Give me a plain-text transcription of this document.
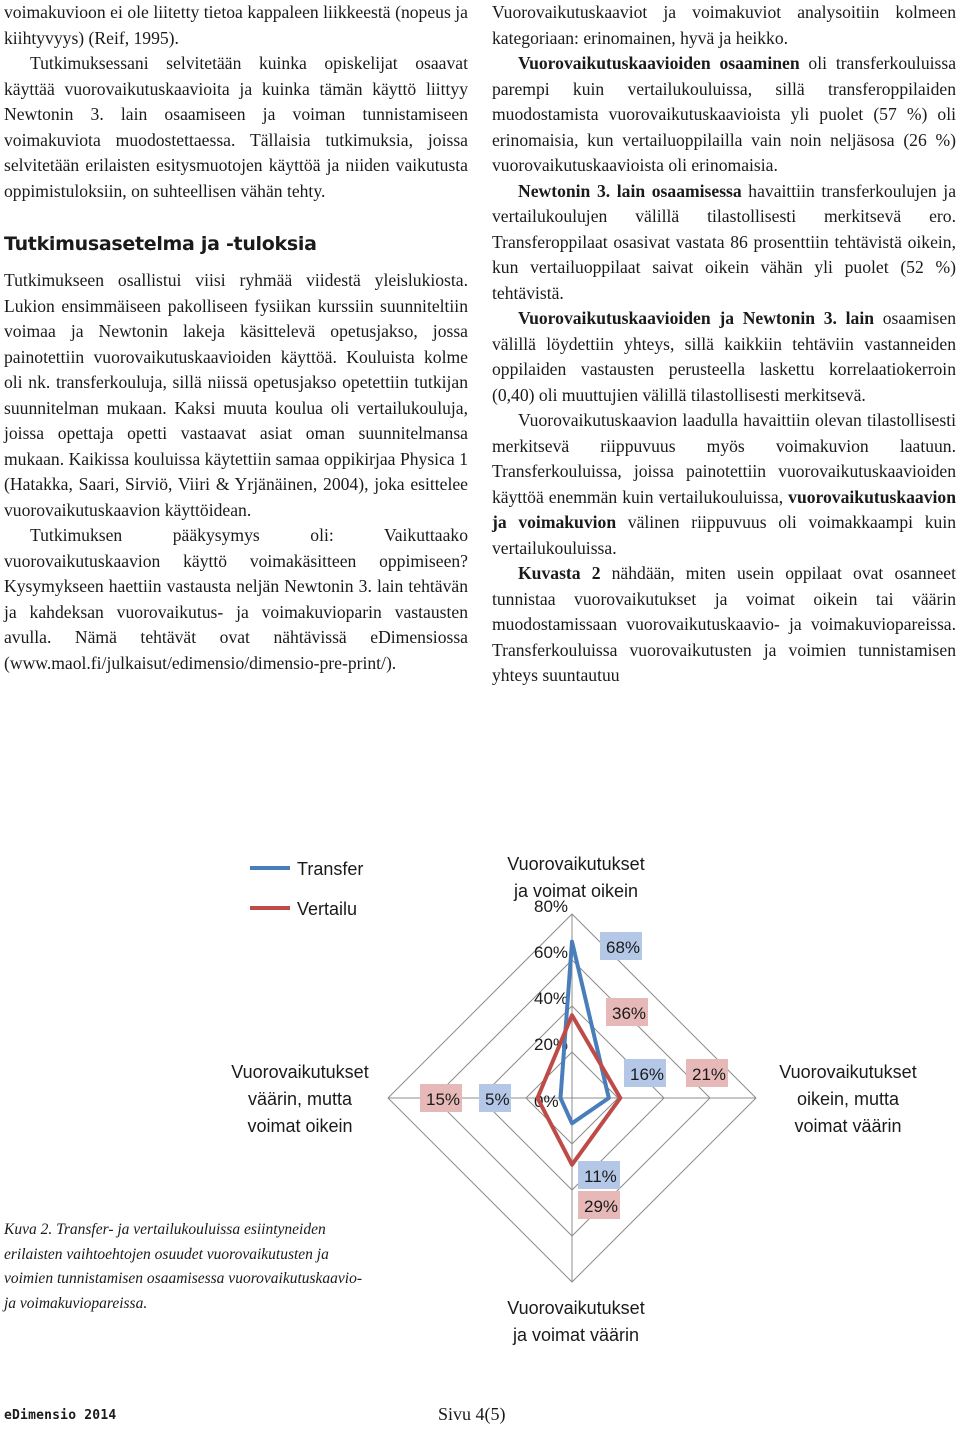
voimakuvioon ei ole liitetty tietoa kappaleen liikkeestä (nopeus ja kiihtyvyys) (Reif, 1995).

Tutkimuksessani selvitetään kuinka opiskelijat osaavat käyttää vuorovaikutuskaavioita ja kuinka tämän käyttö liittyy Newtonin 3. lain osaamiseen ja voiman tunnistamiseen voimakuviota muodostettaessa. Tällaisia tutkimuksia, joissa selvitetään erilaisten esitysmuotojen käyttöä ja niiden vaikutusta oppimistuloksiin, on suhteellisen vähän tehty.

Tutkimusasetelma ja -tuloksia

Tutkimukseen osallistui viisi ryhmää viidestä yleislukiosta. Lukion ensimmäiseen pakolliseen fysiikan kurssiin suunniteltiin voimaa ja Newtonin lakeja käsittelevä opetusjakso, jossa painotettiin vuorovaikutuskaavioiden käyttöä. Kouluista kolme oli nk. transferkouluja, sillä niissä opetusjakso opetettiin tutkijan suunnitelman mukaan. Kaksi muuta koulua oli vertailukouluja, joissa opettaja opetti vastaavat asiat oman suunnitelmansa mukaan. Kaikissa kouluissa käytettiin samaa oppikirjaa Physica 1 (Hatakka, Saari, Sirviö, Viiri & Yrjänäinen, 2004), joka esittelee vuorovaikutuskaavion käyttöidean.

Tutkimuksen pääkysymys oli: Vaikuttaako vuorovaikutuskaavion käyttö voimakäsitteen oppimiseen? Kysymykseen haettiin vastausta neljän Newtonin 3. lain tehtävän ja kahdeksan vuorovaikutus- ja voimakuvioparin vastausten avulla. Nämä tehtävät ovat nähtävissä eDimensiossa (www.maol.fi/julkaisut/edimensio/dimensio-pre-print/).

Vuorovaikutuskaaviot ja voimakuviot analysoitiin kolmeen kategoriaan: erinomainen, hyvä ja heikko.

Vuorovaikutuskaavioiden osaaminen oli transferkouluissa parempi kuin vertailukouluissa, sillä transferoppilaiden muodostamista vuorovaikutuskaavioista yli puolet (57 %) oli erinomaisia, kun vertailuoppilailla vain noin neljäsosa (26 %) vuorovaikutuskaavioista oli erinomaisia.

Newtonin 3. lain osaamisessa havaittiin transferkoulujen ja vertailukoulujen välillä tilastollisesti merkitsevä ero. Transferoppilaat osasivat vastata 86 prosenttiin tehtävistä oikein, kun vertailuoppilaat saivat oikein vähän yli puolet (52 %) tehtävistä.

Vuorovaikutuskaavioiden ja Newtonin 3. lain osaamisen välillä löydettiin yhteys, sillä kaikkiin tehtäviin vastanneiden oppilaiden vastausten perusteella laskettu korrelaatiokerroin (0,40) oli muuttujien välillä tilastollisesti merkitsevä.

Vuorovaikutuskaavion laadulla havaittiin olevan tilastollisesti merkitsevä riippuvuus myös voimakuvion laatuun. Transferkouluissa, joissa painotettiin vuorovaikutuskaavioiden käyttöä enemmän kuin vertailukouluissa, vuorovaikutuskaavion ja voimakuvion välinen riippuvuus oli voimakkaampi kuin vertailukouluissa.

Kuvasta 2 nähdään, miten usein oppilaat ovat osanneet tunnistaa vuorovaikutukset ja voimat oikein tai väärin muodostamissaan vuorovaikutuskaavio- ja voimakuviopareissa. Transferkouluissa vuorovaikutusten ja voimien tunnistamisen yhteys suuntautuu

0%
20%
40%
60%
80%
68%
16%
11%
5%
36%
21%
29%
15%
Transfer
Vertailu
Vuorovaikutukset
ja voimat oikein
Vuorovaikutukset
oikein, mutta
voimat väärin
Vuorovaikutukset
ja voimat väärin
Vuorovaikutukset
väärin, mutta
voimat oikein

Kuva 2. Transfer- ja vertailukouluissa esiintyneiden erilaisten vaihtoehtojen osuudet vuorovaikutusten ja voimien tunnistamisen osaamisessa vuorovaikutuskaavio- ja voimakuviopareissa.

eDimensio 2014	Sivu 4(5)
